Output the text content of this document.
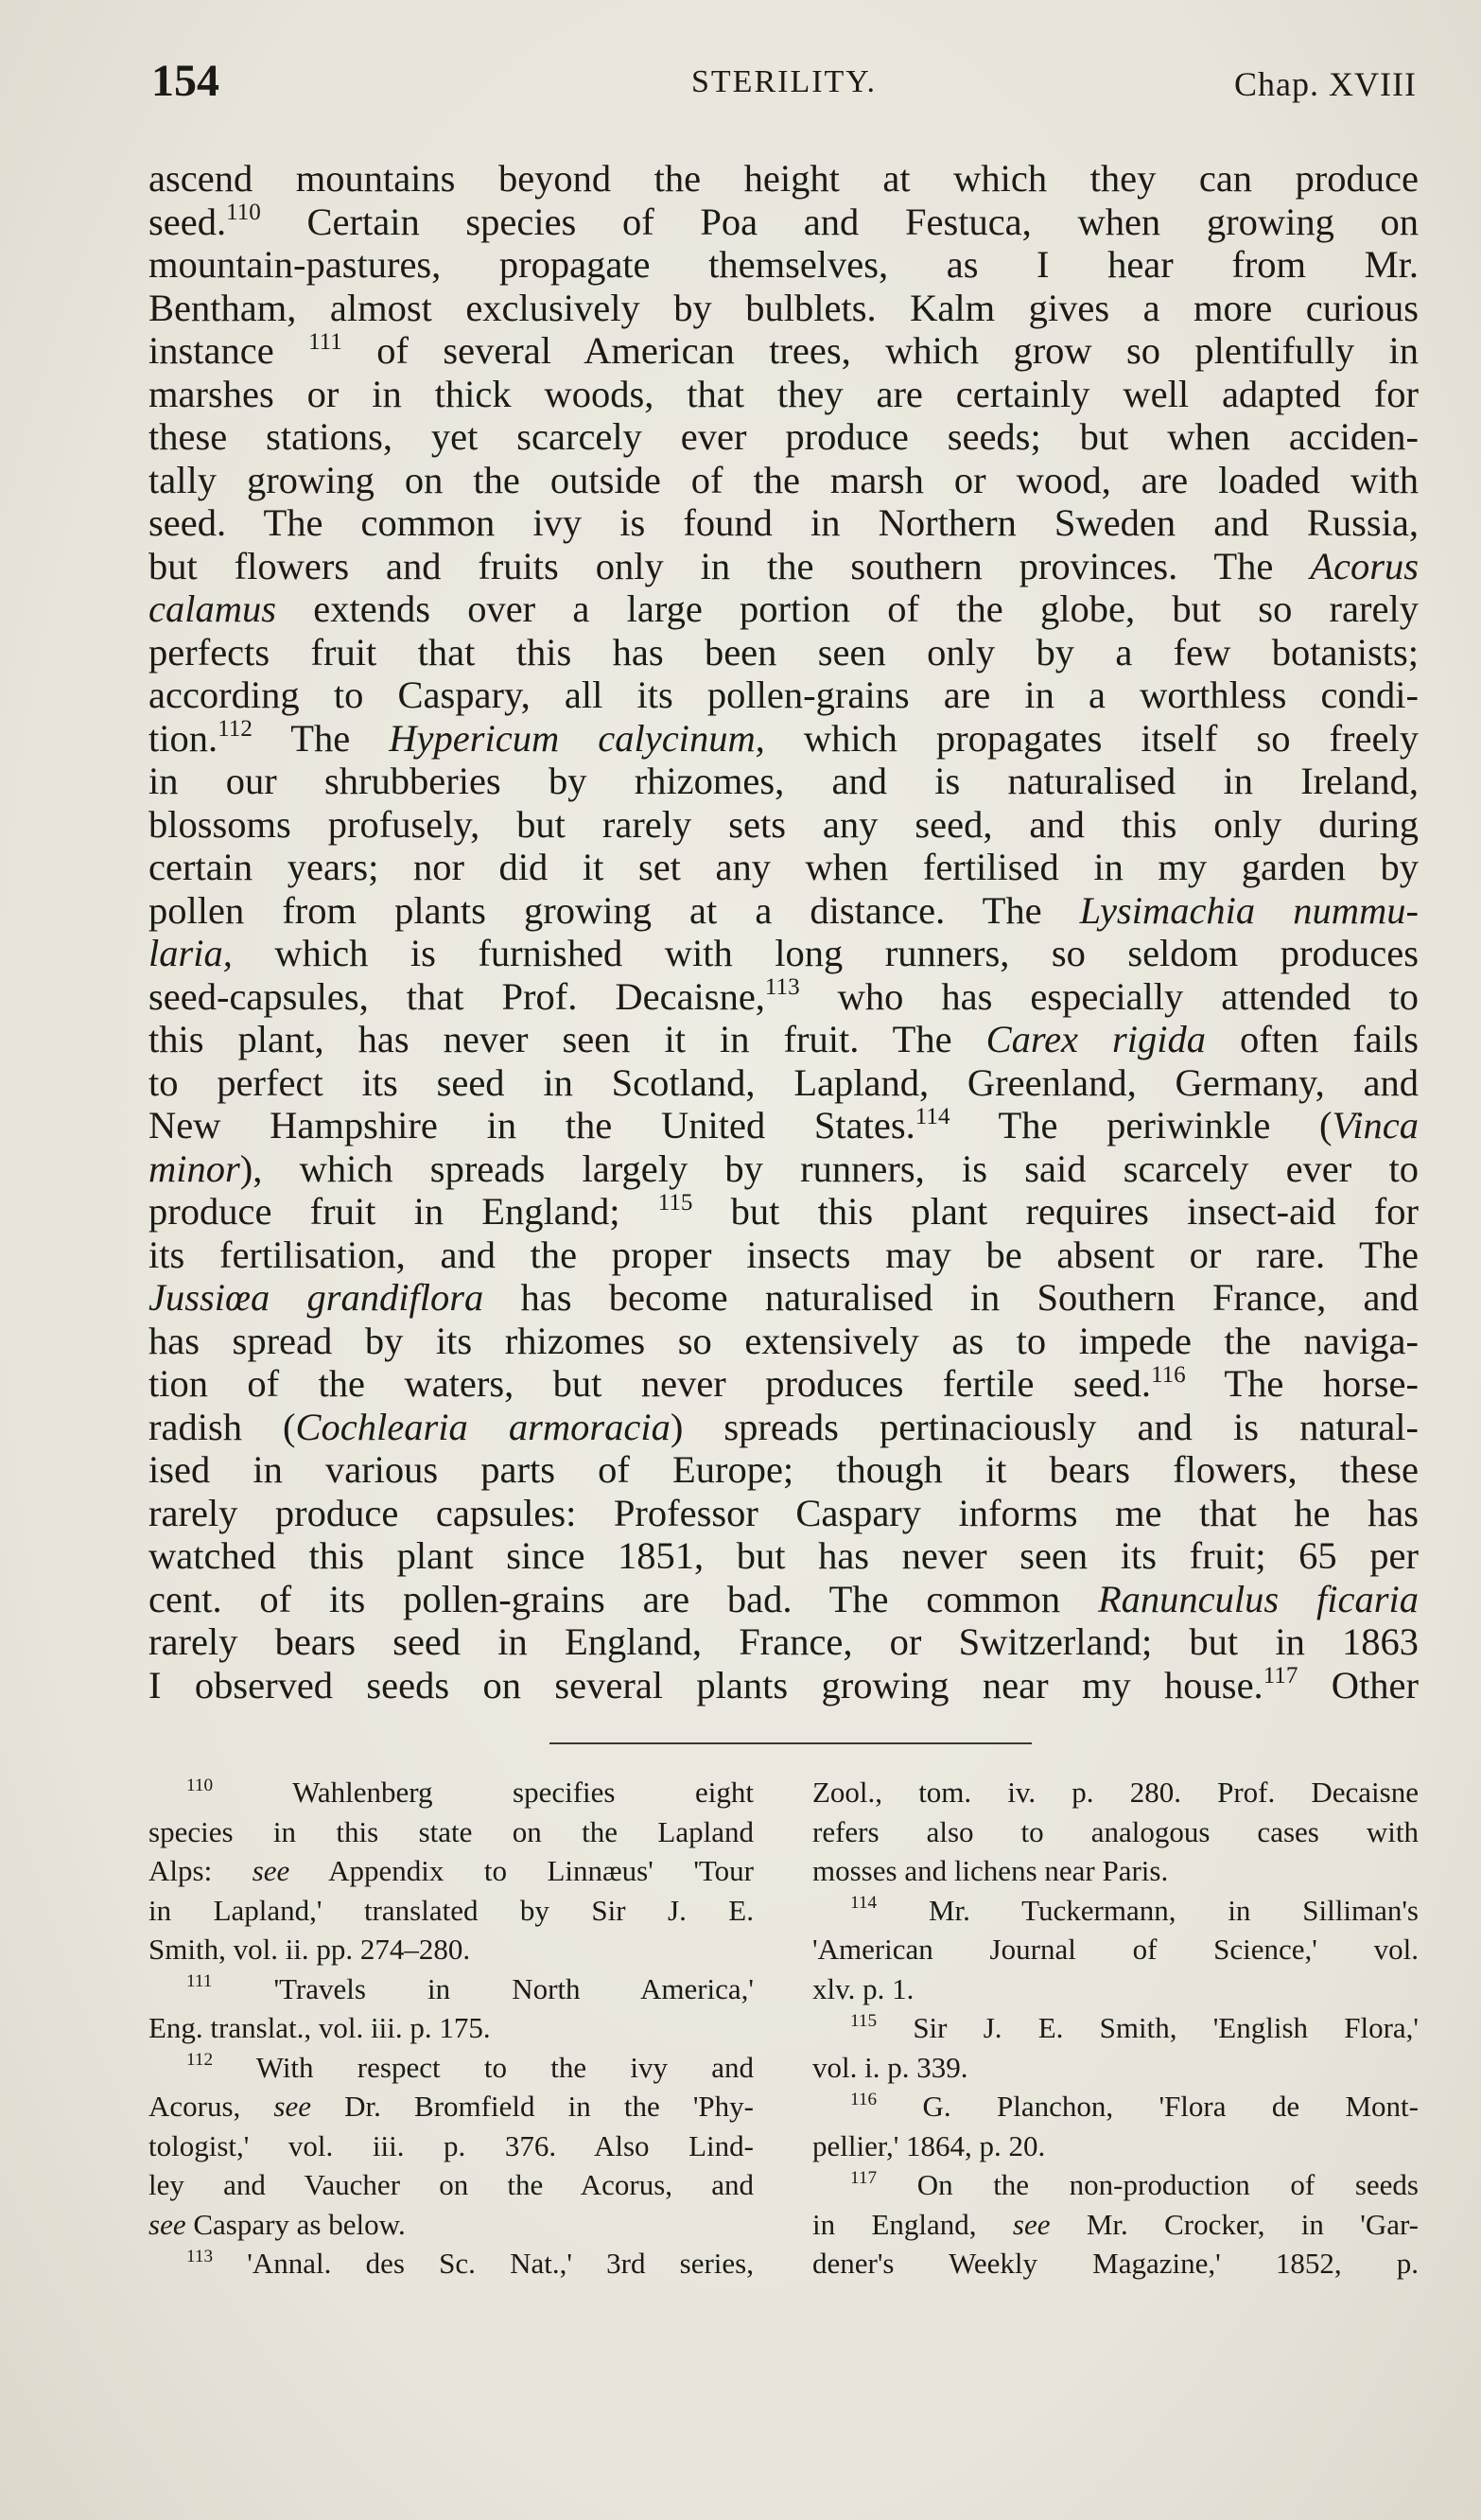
154	STERILITY.	Chap. XVIII
ascend mountains beyond the height at which they can produce
seed.$^{110}$ Certain species of Poa and Festuca, when growing on
mountain-pastures, propagate themselves, as I hear from Mr.
Bentham, almost exclusively by bulblets. Kalm gives a more curious
instance $^{111}$ of several American trees, which grow so plentifully in
marshes or in thick woods, that they are certainly well adapted for
these stations, yet scarcely ever produce seeds; but when acciden-
tally growing on the outside of the marsh or wood, are loaded with
seed. The common ivy is found in Northern Sweden and Russia,
but flowers and fruits only in the southern provinces. The Acorus
calamus extends over a large portion of the globe, but so rarely
perfects fruit that this has been seen only by a few botanists;
according to Caspary, all its pollen-grains are in a worthless condi-
tion.$^{112}$ The Hypericum calycinum, which propagates itself so freely
in our shrubberies by rhizomes, and is naturalised in Ireland,
blossoms profusely, but rarely sets any seed, and this only during
certain years; nor did it set any when fertilised in my garden by
pollen from plants growing at a distance. The Lysimachia nummu-
laria, which is furnished with long runners, so seldom produces
seed-capsules, that Prof. Decaisne,$^{113}$ who has especially attended to
this plant, has never seen it in fruit. The Carex rigida often fails
to perfect its seed in Scotland, Lapland, Greenland, Germany, and
New Hampshire in the United States.$^{114}$ The periwinkle (Vinca
minor), which spreads largely by runners, is said scarcely ever to
produce fruit in England; $^{115}$ but this plant requires insect-aid for
its fertilisation, and the proper insects may be absent or rare. The
Jussiœa grandiflora has become naturalised in Southern France, and
has spread by its rhizomes so extensively as to impede the naviga-
tion of the waters, but never produces fertile seed.$^{116}$ The horse-
radish (Cochlearia armoracia) spreads pertinaciously and is natural-
ised in various parts of Europe; though it bears flowers, these
rarely produce capsules: Professor Caspary informs me that he has
watched this plant since 1851, but has never seen its fruit; 65 per
cent. of its pollen-grains are bad. The common Ranunculus ficaria
rarely bears seed in England, France, or Switzerland; but in 1863
I observed seeds on several plants growing near my house.$^{117}$ Other
$^{110}$ Wahlenberg specifies eight
species in this state on the Lapland
Alps: see Appendix to Linnæus' 'Tour
in Lapland,' translated by Sir J. E.
Smith, vol. ii. pp. 274–280.
$^{111}$ 'Travels in North America,'
Eng. translat., vol. iii. p. 175.
$^{112}$ With respect to the ivy and
Acorus, see Dr. Bromfield in the 'Phy-
tologist,' vol. iii. p. 376. Also Lind-
ley and Vaucher on the Acorus, and
see Caspary as below.
$^{113}$ 'Annal. des Sc. Nat.,' 3rd series,
Zool., tom. iv. p. 280. Prof. Decaisne
refers also to analogous cases with
mosses and lichens near Paris.
$^{114}$ Mr. Tuckermann, in Silliman's
'American Journal of Science,' vol.
xlv. p. 1.
$^{115}$ Sir J. E. Smith, 'English Flora,'
vol. i. p. 339.
$^{116}$ G. Planchon, 'Flora de Mont-
pellier,' 1864, p. 20.
$^{117}$ On the non-production of seeds
in England, see Mr. Crocker, in 'Gar-
dener's Weekly Magazine,' 1852, p.
